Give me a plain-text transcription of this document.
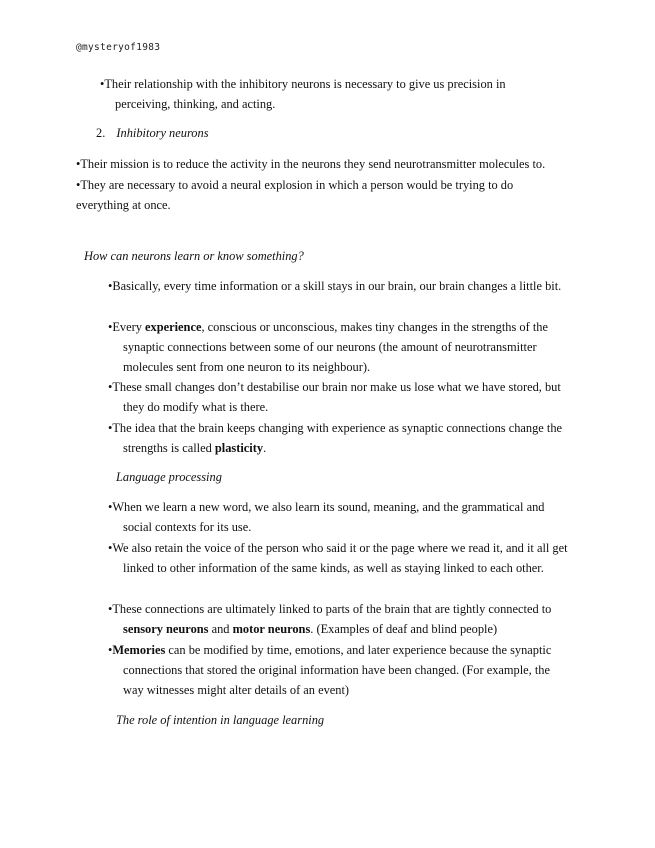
@mysteryof1983

•Their relationship with the inhibitory neurons is necessary to give us precision in perceiving, thinking, and acting.

2. Inhibitory neurons

•Their mission is to reduce the activity in the neurons they send neurotransmitter molecules to.

•They are necessary to avoid a neural explosion in which a person would be trying to do everything at once.

How can neurons learn or know something?

•Basically, every time information or a skill stays in our brain, our brain changes a little bit.

•Every experience, conscious or unconscious, makes tiny changes in the strengths of the synaptic connections between some of our neurons (the amount of neurotransmitter molecules sent from one neuron to its neighbour).

•These small changes don’t destabilise our brain nor make us lose what we have stored, but they do modify what is there.

•The idea that the brain keeps changing with experience as synaptic connections change the strengths is called plasticity.

Language processing

•When we learn a new word, we also learn its sound, meaning, and the grammatical and social contexts for its use.

•We also retain the voice of the person who said it or the page where we read it, and it all get linked to other information of the same kinds, as well as staying linked to each other.

•These connections are ultimately linked to parts of the brain that are tightly connected to sensory neurons and motor neurons. (Examples of deaf and blind people)

•Memories can be modified by time, emotions, and later experience because the synaptic connections that stored the original information have been changed. (For example, the way witnesses might alter details of an event)

The role of intention in language learning
